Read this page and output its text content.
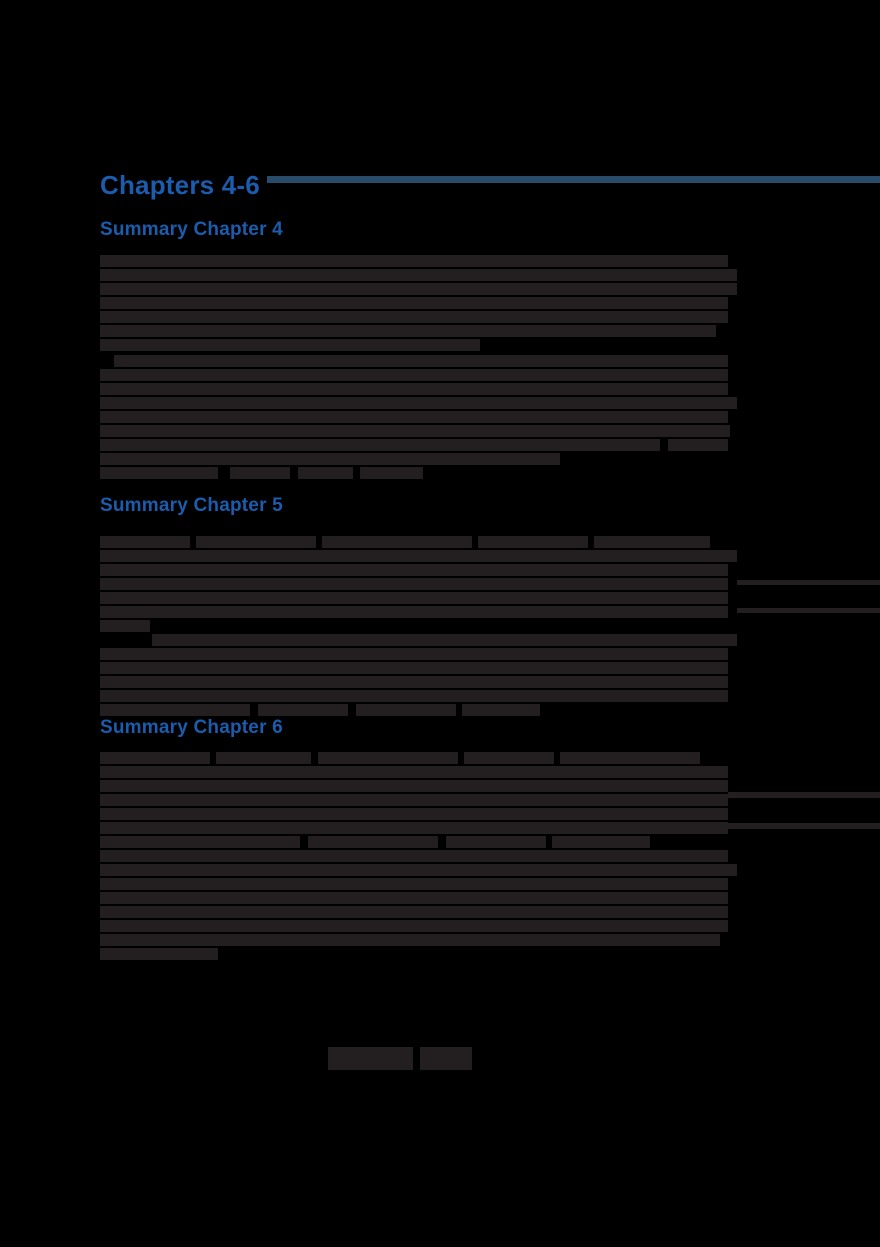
Chapters 4-6
Summary Chapter 4
Summary Chapter 5
Summary Chapter 6
